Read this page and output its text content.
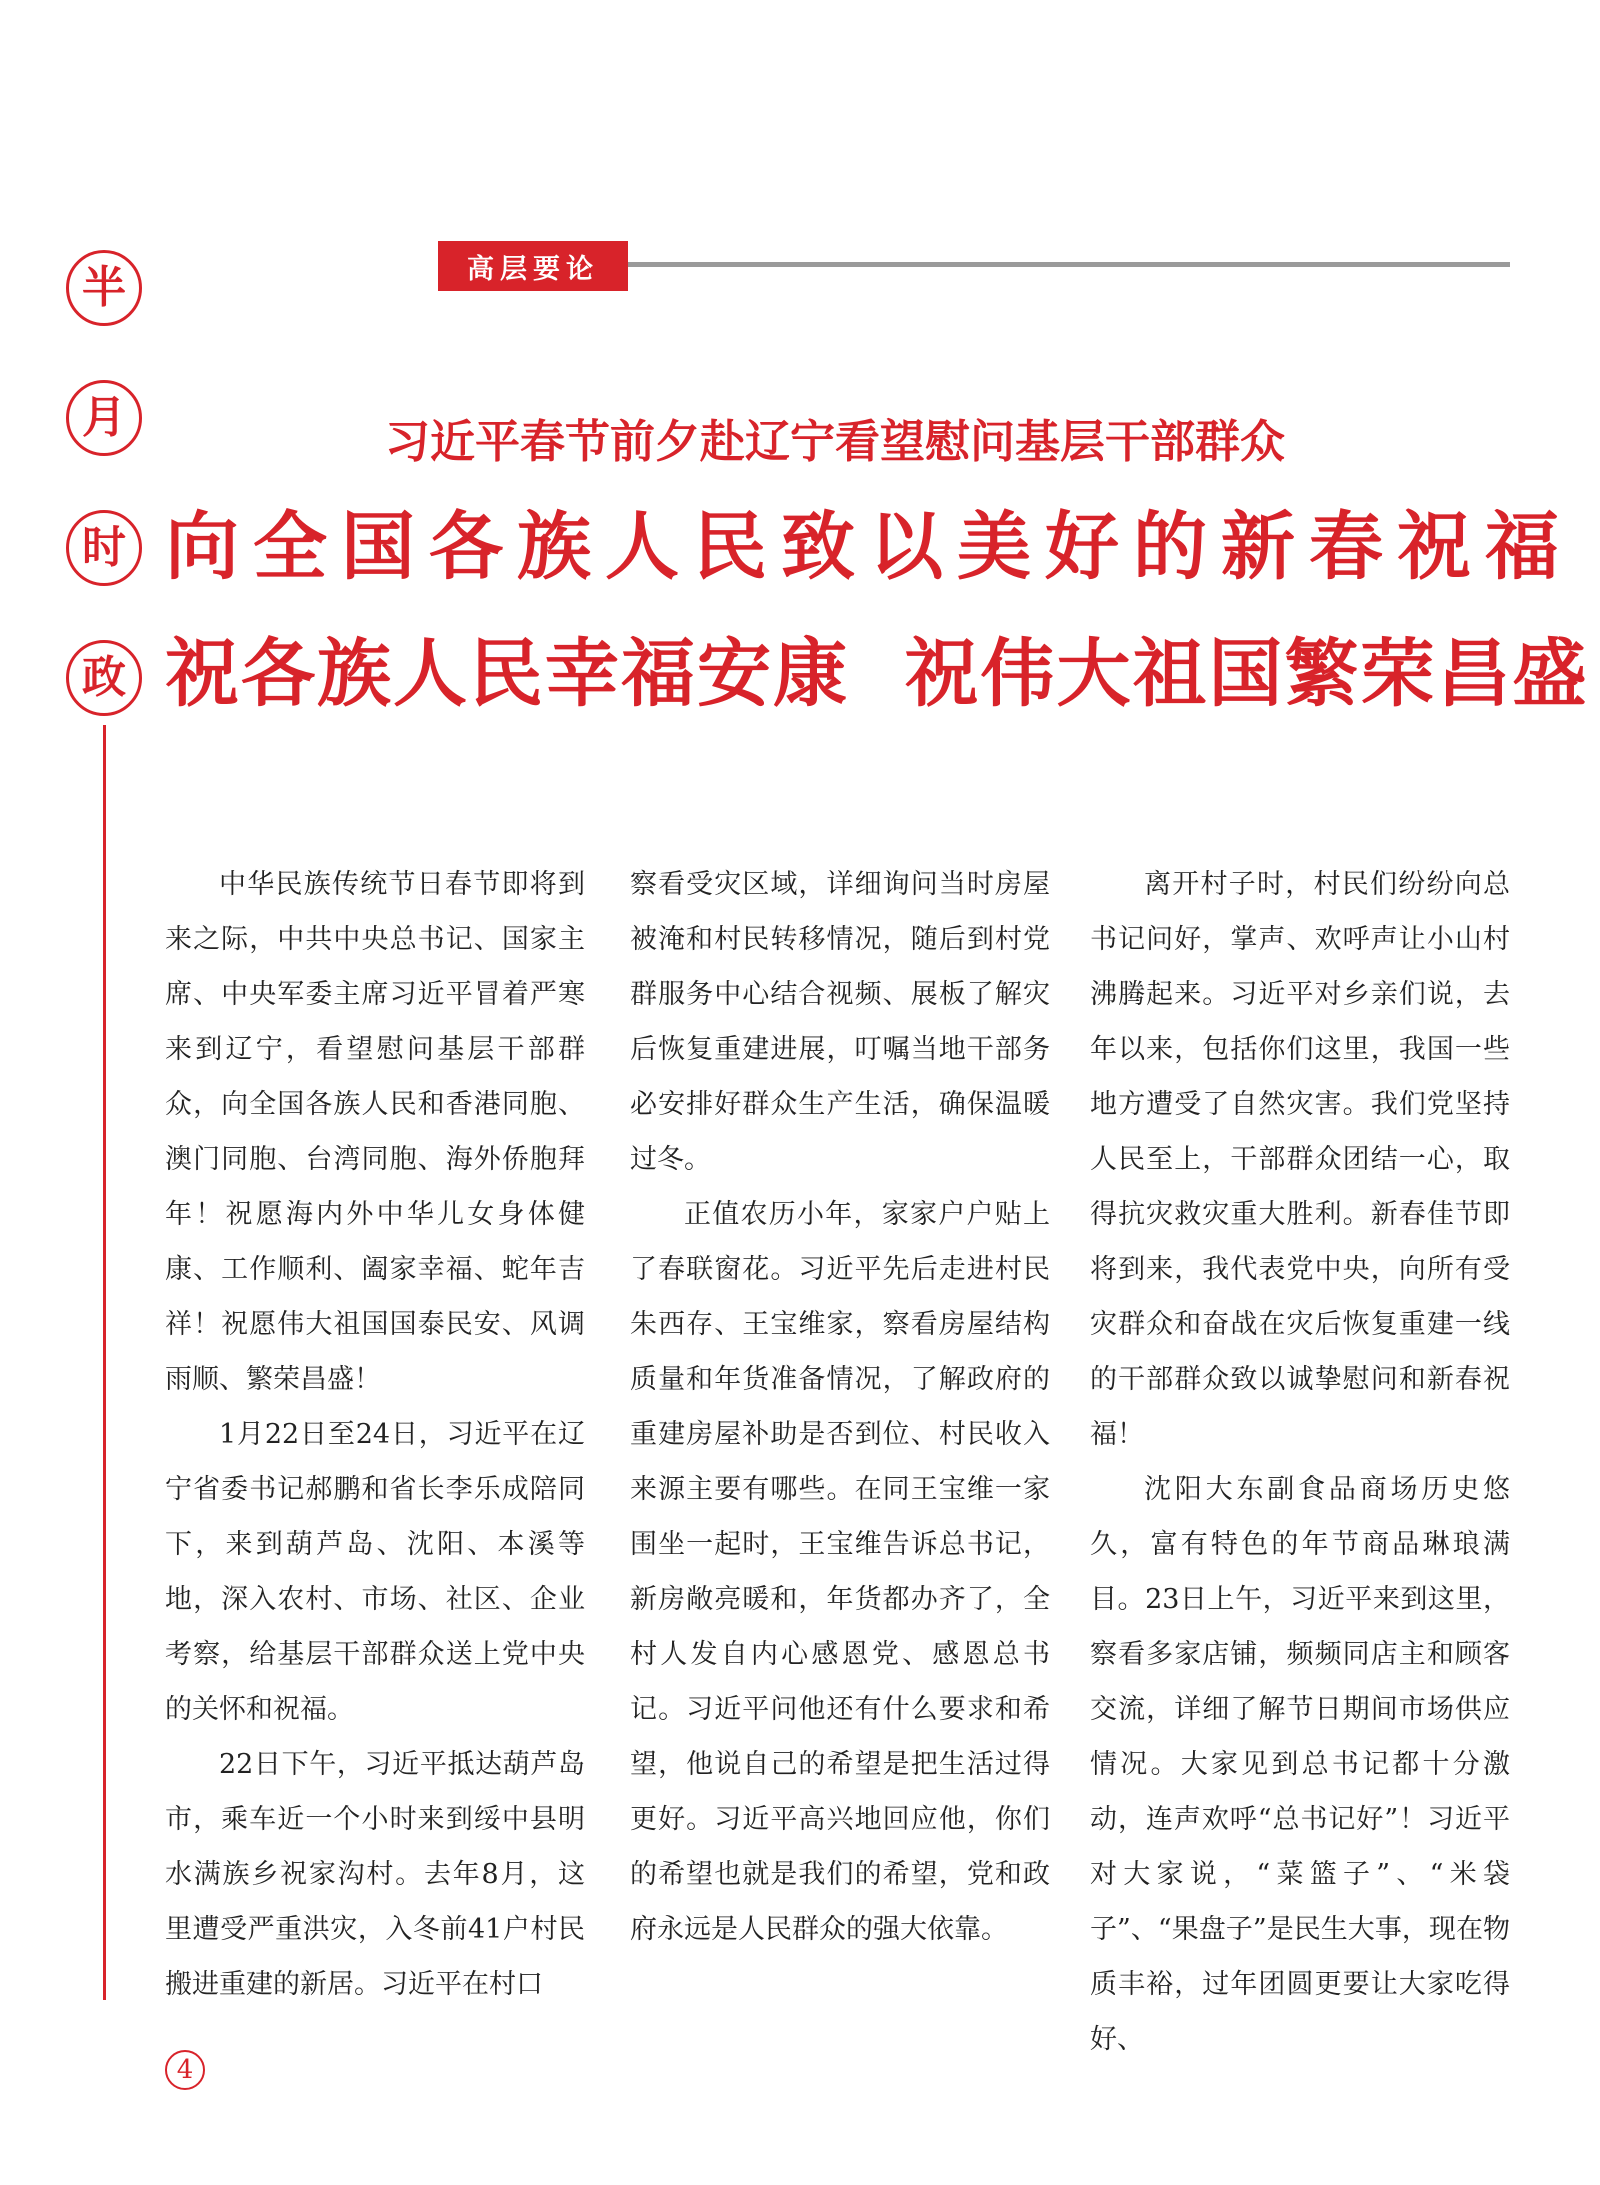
半
月
时
政
高层要论
习近平春节前夕赴辽宁看望慰问基层干部群众
向全国各族人民致以美好的新春祝福
祝各族人民幸福安康  祝伟大祖国繁荣昌盛

中华民族传统节日春节即将到来之际，中共中央总书记、国家主席、中央军委主席习近平冒着严寒来到辽宁，看望慰问基层干部群众，向全国各族人民和香港同胞、澳门同胞、台湾同胞、海外侨胞拜年！祝愿海内外中华儿女身体健康、工作顺利、阖家幸福、蛇年吉祥！祝愿伟大祖国国泰民安、风调雨顺、繁荣昌盛！

1月22日至24日，习近平在辽宁省委书记郝鹏和省长李乐成陪同下，来到葫芦岛、沈阳、本溪等地，深入农村、市场、社区、企业考察，给基层干部群众送上党中央的关怀和祝福。

22日下午，习近平抵达葫芦岛市，乘车近一个小时来到绥中县明水满族乡祝家沟村。去年8月，这里遭受严重洪灾，入冬前41户村民搬进重建的新居。习近平在村口

察看受灾区域，详细询问当时房屋被淹和村民转移情况，随后到村党群服务中心结合视频、展板了解灾后恢复重建进展，叮嘱当地干部务必安排好群众生产生活，确保温暖过冬。

正值农历小年，家家户户贴上了春联窗花。习近平先后走进村民朱西存、王宝维家，察看房屋结构质量和年货准备情况，了解政府的重建房屋补助是否到位、村民收入来源主要有哪些。在同王宝维一家围坐一起时，王宝维告诉总书记，新房敞亮暖和，年货都办齐了，全村人发自内心感恩党、感恩总书记。习近平问他还有什么要求和希望，他说自己的希望是把生活过得更好。习近平高兴地回应他，你们的希望也就是我们的希望，党和政府永远是人民群众的强大依靠。

离开村子时，村民们纷纷向总书记问好，掌声、欢呼声让小山村沸腾起来。习近平对乡亲们说，去年以来，包括你们这里，我国一些地方遭受了自然灾害。我们党坚持人民至上，干部群众团结一心，取得抗灾救灾重大胜利。新春佳节即将到来，我代表党中央，向所有受灾群众和奋战在灾后恢复重建一线的干部群众致以诚挚慰问和新春祝福！

沈阳大东副食品商场历史悠久，富有特色的年节商品琳琅满目。23日上午，习近平来到这里，察看多家店铺，频频同店主和顾客交流，详细了解节日期间市场供应情况。大家见到总书记都十分激动，连声欢呼“总书记好”！习近平对大家说，“菜篮子”、“米袋子”、“果盘子”是民生大事，现在物质丰裕，过年团圆更要让大家吃得好、

4
